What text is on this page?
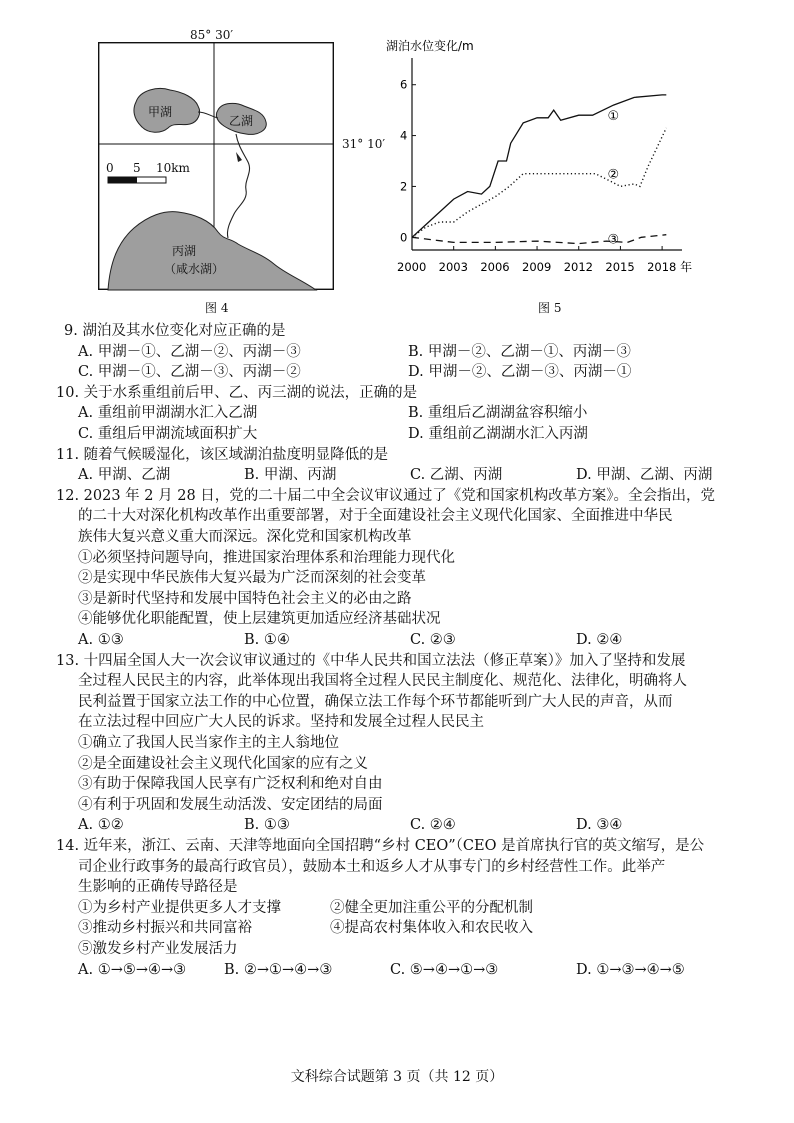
85° 30′
31° 10′
甲湖
乙湖
丙湖
（咸水湖）
0 5 10km
图 4
湖泊水位变化/m
0
2
4
6
2000 2003 2006 2009 2012 2015 2018 年
①
②
③
图 5
9. 湖泊及其水位变化对应正确的是
A. 甲湖－①、乙湖－②、丙湖－③	B. 甲湖－②、乙湖－①、丙湖－③
C. 甲湖－①、乙湖－③、丙湖－②	D. 甲湖－②、乙湖－③、丙湖－①
10. 关于水系重组前后甲、乙、丙三湖的说法，正确的是
A. 重组前甲湖湖水汇入乙湖	B. 重组后乙湖湖盆容积缩小
C. 重组后甲湖流域面积扩大	D. 重组前乙湖湖水汇入丙湖
11. 随着气候暖湿化，该区域湖泊盐度明显降低的是
A. 甲湖、乙湖	B. 甲湖、丙湖	C. 乙湖、丙湖	D. 甲湖、乙湖、丙湖
12. 2023 年 2 月 28 日，党的二十届二中全会议审议通过了《党和国家机构改革方案》。全会指出，党
的二十大对深化机构改革作出重要部署，对于全面建设社会主义现代化国家、全面推进中华民
族伟大复兴意义重大而深远。深化党和国家机构改革
①必须坚持问题导向，推进国家治理体系和治理能力现代化
②是实现中华民族伟大复兴最为广泛而深刻的社会变革
③是新时代坚持和发展中国特色社会主义的必由之路
④能够优化职能配置，使上层建筑更加适应经济基础状况
A. ①③	B. ①④	C. ②③	D. ②④
13. 十四届全国人大一次会议审议通过的《中华人民共和国立法法（修正草案）》加入了坚持和发展
全过程人民民主的内容，此举体现出我国将全过程人民民主制度化、规范化、法律化，明确将人
民利益置于国家立法工作的中心位置，确保立法工作每个环节都能听到广大人民的声音，从而
在立法过程中回应广大人民的诉求。坚持和发展全过程人民民主
①确立了我国人民当家作主的主人翁地位
②是全面建设社会主义现代化国家的应有之义
③有助于保障我国人民享有广泛权利和绝对自由
④有利于巩固和发展生动活泼、安定团结的局面
A. ①②	B. ①③	C. ②④	D. ③④
14. 近年来，浙江、云南、天津等地面向全国招聘“乡村 CEO”（CEO 是首席执行官的英文缩写，是公
司企业行政事务的最高行政官员），鼓励本土和返乡人才从事专门的乡村经营性工作。此举产
生影响的正确传导路径是
①为乡村产业提供更多人才支撑	②健全更加注重公平的分配机制
③推动乡村振兴和共同富裕	④提高农村集体收入和农民收入
⑤激发乡村产业发展活力
A. ①→⑤→④→③	B. ②→①→④→③	C. ⑤→④→①→③	D. ①→③→④→⑤
文科综合试题第 3 页（共 12 页）
